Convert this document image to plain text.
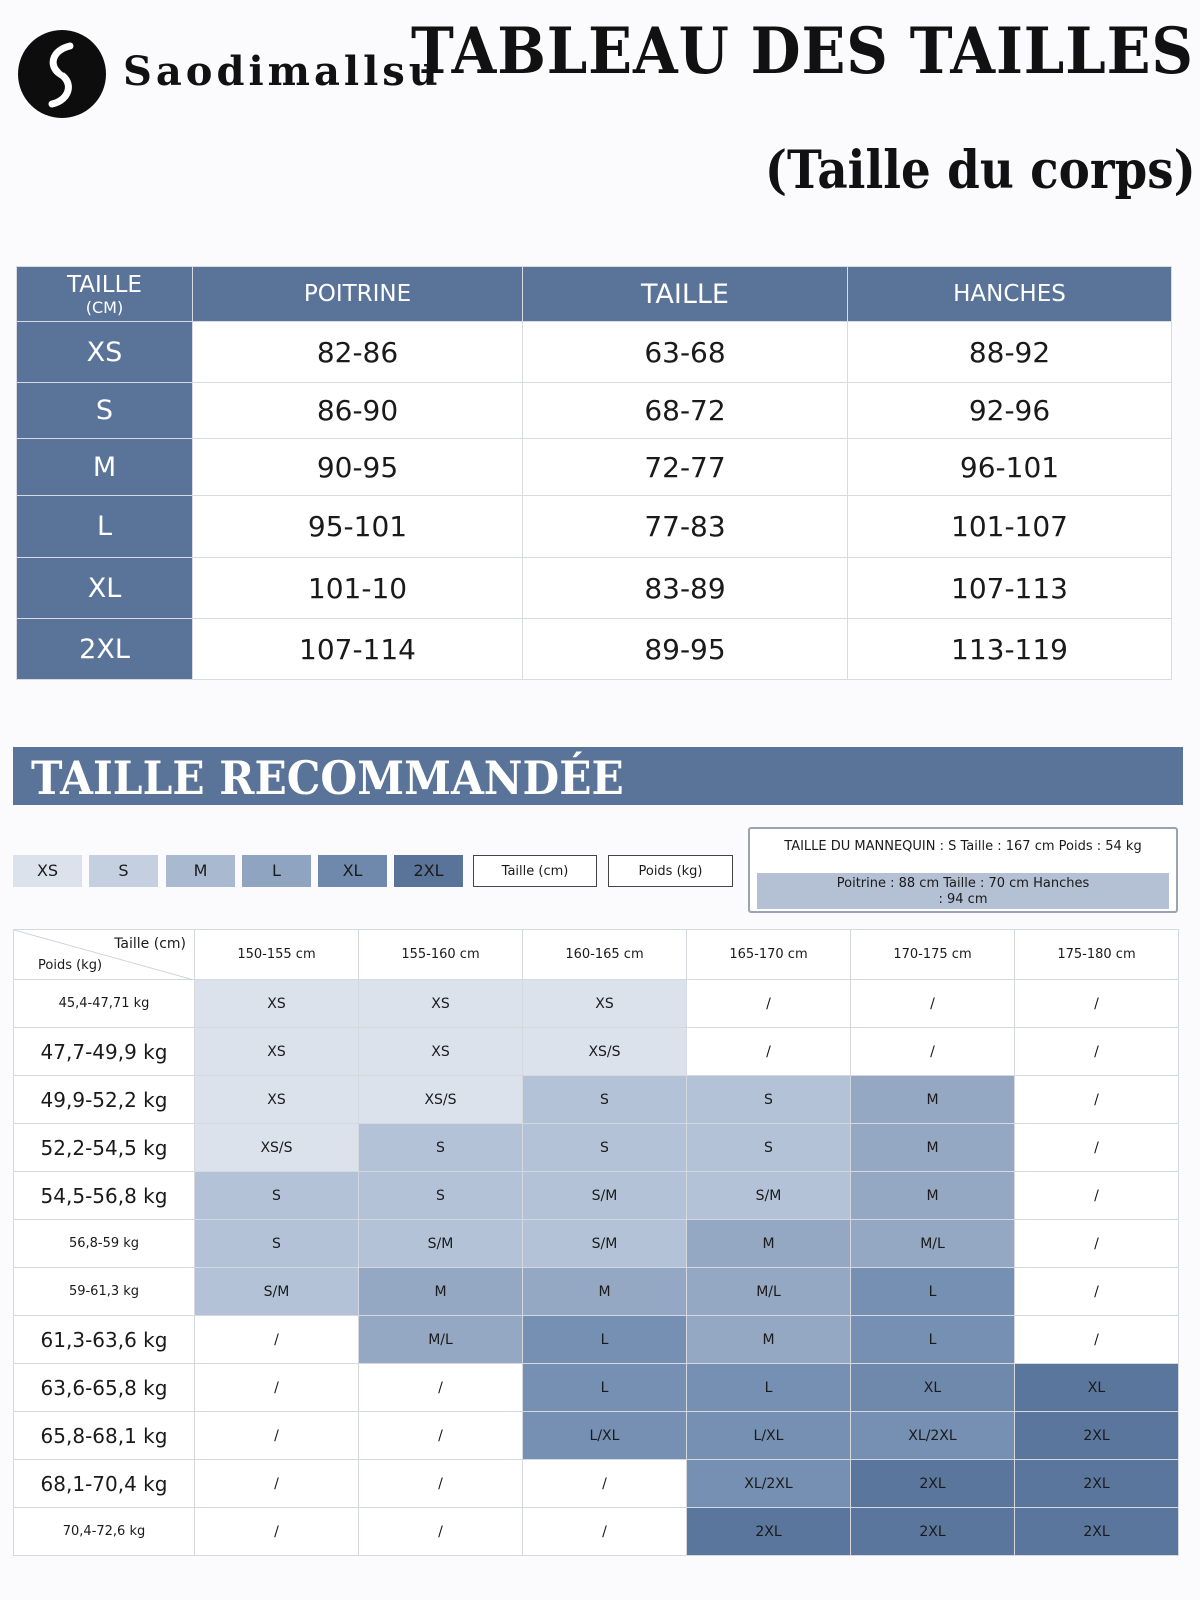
Saodimallsu
TABLEAU DES TAILLES
(Taille du corps)
TAILLE
(CM)	POITRINE	TAILLE	HANCHES
XS	82-86	63-68	88-92
S	86-90	68-72	92-96
M	90-95	72-77	96-101
L	95-101	77-83	101-107
XL	101-10	83-89	107-113
2XL	107-114	89-95	113-119
TAILLE RECOMMANDÉE
XS	S	M	L	XL	2XL	Taille (cm)	Poids (kg)
TAILLE DU MANNEQUIN : S Taille : 167 cm Poids : 54 kg
Poitrine : 88 cm Taille : 70 cm Hanches
: 94 cm
Taille (cm)
Poids (kg)	150-155 cm	155-160 cm	160-165 cm	165-170 cm	170-175 cm	175-180 cm
45,4-47,71 kg	XS	XS	XS	/	/	/
47,7-49,9 kg	XS	XS	XS/S	/	/	/
49,9-52,2 kg	XS	XS/S	S	S	M	/
52,2-54,5 kg	XS/S	S	S	S	M	/
54,5-56,8 kg	S	S	S/M	S/M	M	/
56,8-59 kg	S	S/M	S/M	M	M/L	/
59-61,3 kg	S/M	M	M	M/L	L	/
61,3-63,6 kg	/	M/L	L	M	L	/
63,6-65,8 kg	/	/	L	L	XL	XL
65,8-68,1 kg	/	/	L/XL	L/XL	XL/2XL	2XL
68,1-70,4 kg	/	/	/	XL/2XL	2XL	2XL
70,4-72,6 kg	/	/	/	2XL	2XL	2XL
